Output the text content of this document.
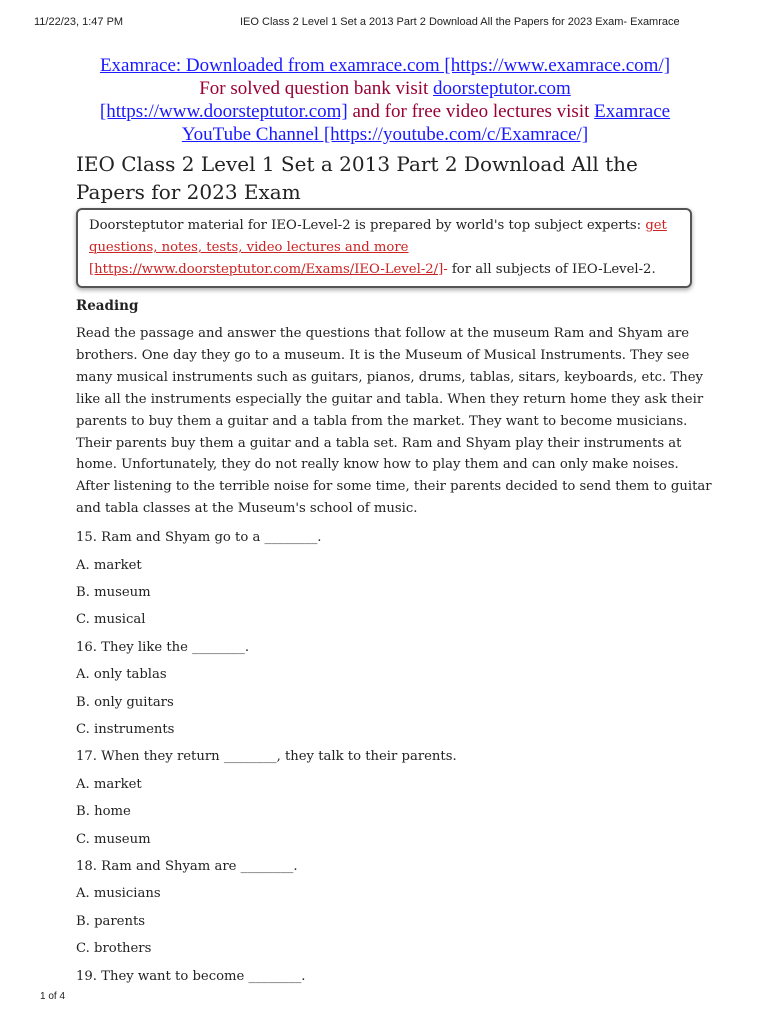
11/22/23, 1:47 PM	IEO Class 2 Level 1 Set a 2013 Part 2 Download All the Papers for 2023 Exam- Examrace
Examrace: Downloaded from examrace.com [https://www.examrace.com/]
For solved question bank visit doorsteptutor.com
[https://www.doorsteptutor.com] and for free video lectures visit Examrace
YouTube Channel [https://youtube.com/c/Examrace/]
IEO Class 2 Level 1 Set a 2013 Part 2 Download All the Papers for 2023 Exam
Doorsteptutor material for IEO-Level-2 is prepared by world's top subject experts: get questions, notes, tests, video lectures and more [https://www.doorsteptutor.com/Exams/IEO-Level-2/]- for all subjects of IEO-Level-2.
Reading

Read the passage and answer the questions that follow at the museum Ram and Shyam are brothers. One day they go to a museum. It is the Museum of Musical Instruments. They see many musical instruments such as guitars, pianos, drums, tablas, sitars, keyboards, etc. They like all the instruments especially the guitar and tabla. When they return home they ask their parents to buy them a guitar and a tabla from the market. They want to become musicians. Their parents buy them a guitar and a tabla set. Ram and Shyam play their instruments at home. Unfortunately, they do not really know how to play them and can only make noises. After listening to the terrible noise for some time, their parents decided to send them to guitar and tabla classes at the Museum's school of music.

15. Ram and Shyam go to a ________.

A. market

B. museum

C. musical

16. They like the ________.

A. only tablas

B. only guitars

C. instruments

17. When they return ________, they talk to their parents.

A. market

B. home

C. museum

18. Ram and Shyam are ________.

A. musicians

B. parents

C. brothers

19. They want to become ________.

1 of 4
